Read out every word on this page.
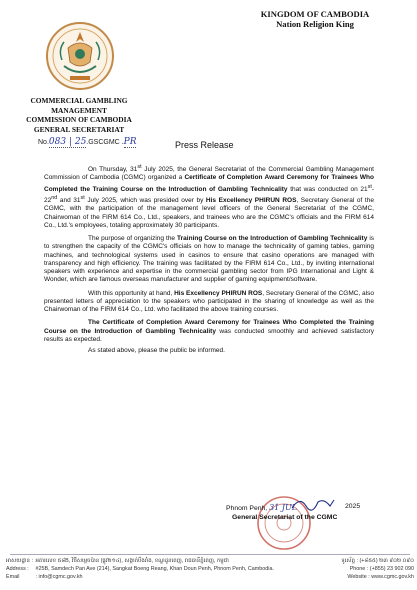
KINGDOM OF CAMBODIA
Nation Religion King
COMMERCIAL GAMBLING MANAGEMENT
COMMISSION OF CAMBODIA
GENERAL SECRETARIAT
No.083 | 25.GSCGMC .PR	Press Release

On Thursday, 31st July 2025, the General Secretariat of the Commercial Gambling Management Commission of Cambodia (CGMC) organized a Certificate of Completion Award Ceremony for Trainees Who Completed the Training Course on the Introduction of Gambling Technicality that was conducted on 21st-22nd and 31st July 2025, which was presided over by His Excellency PHIRUN ROS, Secretary General of the CGMC, with the participation of the management level officers of the General Secretariat of the CGMC, Chairwoman of the FIRM 614 Co., Ltd., speakers, and trainees who are the CGMC's officials and the FIRM 614 Co., Ltd.'s employees, totaling approximately 30 participants.

The purpose of organizing the Training Course on the Introduction of Gambling Technicality is to strengthen the capacity of the CGMC's officials on how to manage the technicality of gaming tables, gaming machines, and technological systems used in casinos to ensure that casino operations are managed with transparency and high efficiency. The training was facilitated by the FIRM 614 Co., Ltd., by inviting international speakers with experience and expertise in the commercial gambling sector from IPG International and Light & Wonder, which are famous overseas manufacturer and supplier of gaming equipment/software.

With this opportunity at hand, His Excellency PHIRUN ROS, Secretary General of the CGMC, also presented letters of appreciation to the speakers who participated in the sharing of knowledge as well as the Chairwoman of the FIRM 614 Co., Ltd. who facilitated the above training courses.

The Certificate of Completion Award Ceremony for Trainees Who Completed the Training Course on the Introduction of Gambling Technicality was conducted smoothly and achieved satisfactory results as expected.

As stated above, please the public be informed.

Phnom Penh, 31 JUL	2025
General Secretariat of the CGMC
អាសយដ្ឋាន : អគារលេខ ៥៨B, វិថីសម្តេចប៉ាន (ផ្លូវ២១៤), សង្កាត់បឹងរាំង, ខណ្ឌដូនពេញ, រាជធានីភ្នំពេញ, កម្ពុជា	ទូរស័ព្ទ : (+៨៥៥) ២៣ ៩០២ ០៩០
Address : #25B, Samdech Pan Ave (214), Sangkat Boeng Reang, Khan Doun Penh, Phnom Penh, Cambodia.	Phone : (+855) 23 902 090
Email	: info@cgmc.gov.kh	Website : www.cgmc.gov.kh
